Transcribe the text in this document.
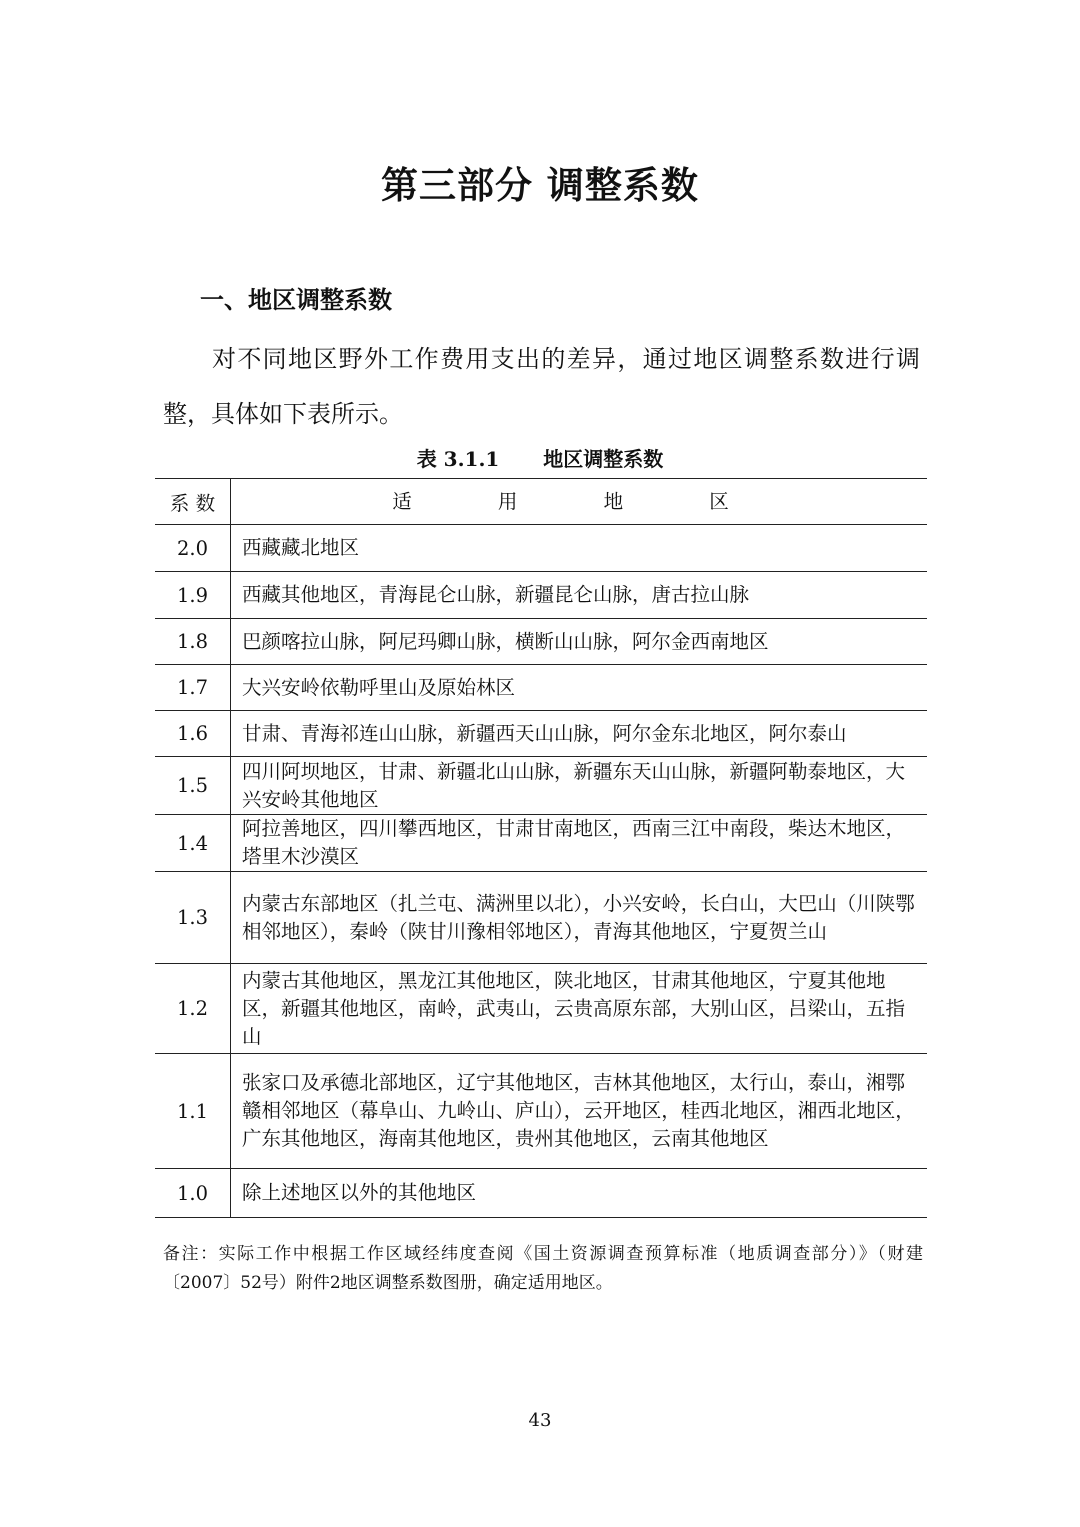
第三部分 调整系数
一、地区调整系数
对不同地区野外工作费用支出的差异，通过地区调整系数进行调整，具体如下表所示。
表 3.1.1 地区调整系数
系 数	适 用 地 区
2.0	西藏藏北地区
1.9	西藏其他地区，青海昆仑山脉，新疆昆仑山脉，唐古拉山脉
1.8	巴颜喀拉山脉，阿尼玛卿山脉，横断山山脉，阿尔金西南地区
1.7	大兴安岭依勒呼里山及原始林区
1.6	甘肃、青海祁连山山脉，新疆西天山山脉，阿尔金东北地区，阿尔泰山
1.5	四川阿坝地区，甘肃、新疆北山山脉，新疆东天山山脉，新疆阿勒泰地区，大兴安岭其他地区
1.4	阿拉善地区，四川攀西地区，甘肃甘南地区，西南三江中南段，柴达木地区，塔里木沙漠区
1.3	内蒙古东部地区（扎兰屯、满洲里以北），小兴安岭，长白山，大巴山（川陕鄂相邻地区），秦岭（陕甘川豫相邻地区），青海其他地区，宁夏贺兰山
1.2	内蒙古其他地区，黑龙江其他地区，陕北地区，甘肃其他地区，宁夏其他地区，新疆其他地区，南岭，武夷山，云贵高原东部，大别山区，吕梁山，五指山
1.1	张家口及承德北部地区，辽宁其他地区，吉林其他地区，太行山，泰山，湘鄂赣相邻地区（幕阜山、九岭山、庐山），云开地区，桂西北地区，湘西北地区，广东其他地区，海南其他地区，贵州其他地区，云南其他地区
1.0	除上述地区以外的其他地区
备注：实际工作中根据工作区域经纬度查阅《国土资源调查预算标准（地质调查部分）》（财建〔2007〕52号）附件2地区调整系数图册，确定适用地区。
43
